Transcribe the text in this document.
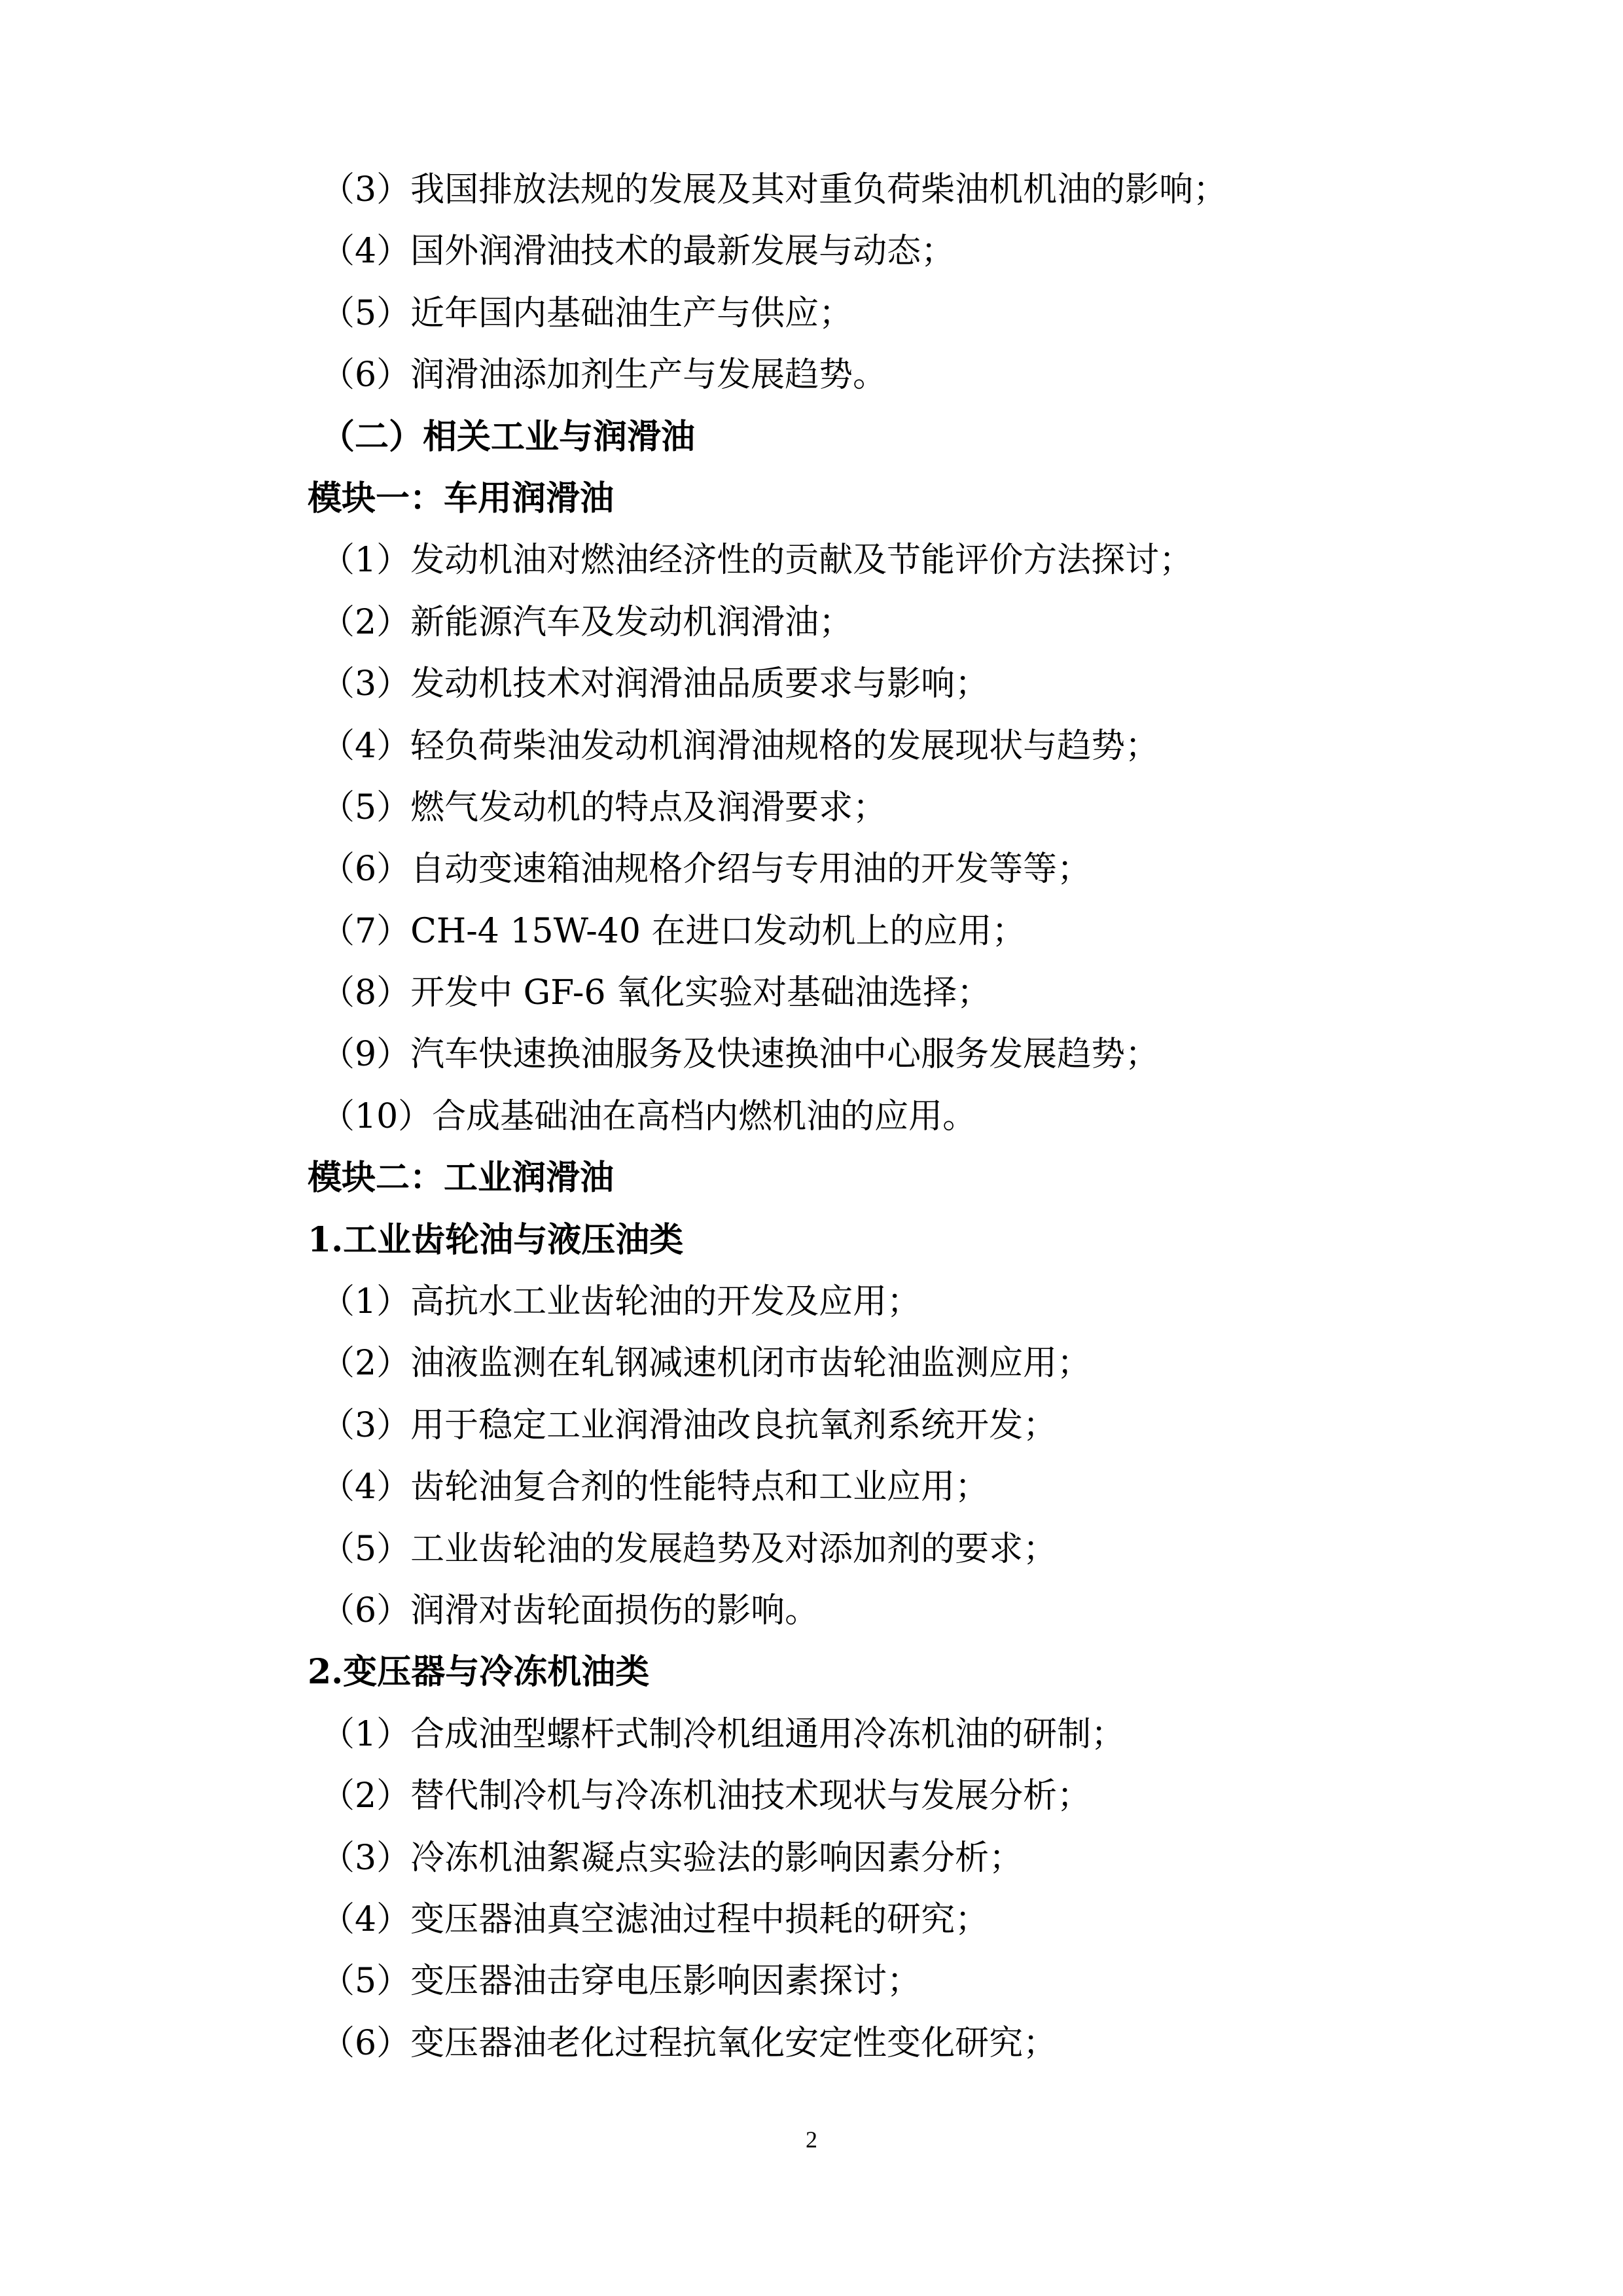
（3）我国排放法规的发展及其对重负荷柴油机机油的影响；
（4）国外润滑油技术的最新发展与动态；
（5）近年国内基础油生产与供应；
（6）润滑油添加剂生产与发展趋势。
（二）相关工业与润滑油
模块一：车用润滑油
（1）发动机油对燃油经济性的贡献及节能评价方法探讨；
（2）新能源汽车及发动机润滑油；
（3）发动机技术对润滑油品质要求与影响；
（4）轻负荷柴油发动机润滑油规格的发展现状与趋势；
（5）燃气发动机的特点及润滑要求；
（6）自动变速箱油规格介绍与专用油的开发等等；
（7）CH-4 15W-40 在进口发动机上的应用；
（8）开发中 GF-6 氧化实验对基础油选择；
（9）汽车快速换油服务及快速换油中心服务发展趋势；
（10）合成基础油在高档内燃机油的应用。
模块二：工业润滑油
1.工业齿轮油与液压油类
（1）高抗水工业齿轮油的开发及应用；
（2）油液监测在轧钢减速机闭市齿轮油监测应用；
（3）用于稳定工业润滑油改良抗氧剂系统开发；
（4）齿轮油复合剂的性能特点和工业应用；
（5）工业齿轮油的发展趋势及对添加剂的要求；
（6）润滑对齿轮面损伤的影响。
2.变压器与冷冻机油类
（1）合成油型螺杆式制冷机组通用冷冻机油的研制；
（2）替代制冷机与冷冻机油技术现状与发展分析；
（3）冷冻机油絮凝点实验法的影响因素分析；
（4）变压器油真空滤油过程中损耗的研究；
（5）变压器油击穿电压影响因素探讨；
（6）变压器油老化过程抗氧化安定性变化研究；
2
